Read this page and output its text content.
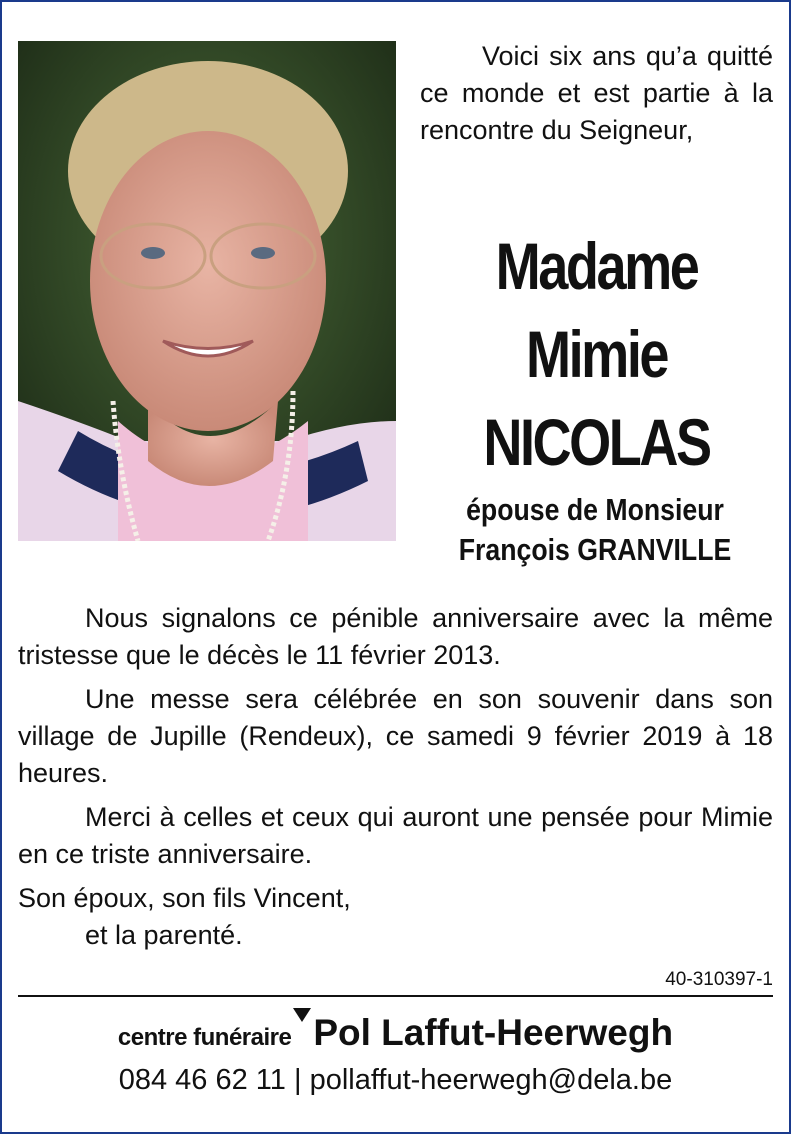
Voici six ans qu’a quitté ce monde et est partie à la rencontre du Seigneur,
Madame
Mimie
NICOLAS
épouse de Monsieur
François GRANVILLE

Nous signalons ce pénible anniversaire avec la même tristesse que le décès le 11 février 2013.

Une messe sera célébrée en son souvenir dans son village de Jupille (Rendeux), ce samedi 9 février 2019 à 18 heures.

Merci à celles et ceux qui auront une pensée pour Mimie en ce triste anniversaire.

Son époux, son fils Vincent,

et la parenté.

40-310397-1
centre funéraire Pol Laffut-Heerwegh
084 46 62 11 | pollaffut-heerwegh@dela.be
